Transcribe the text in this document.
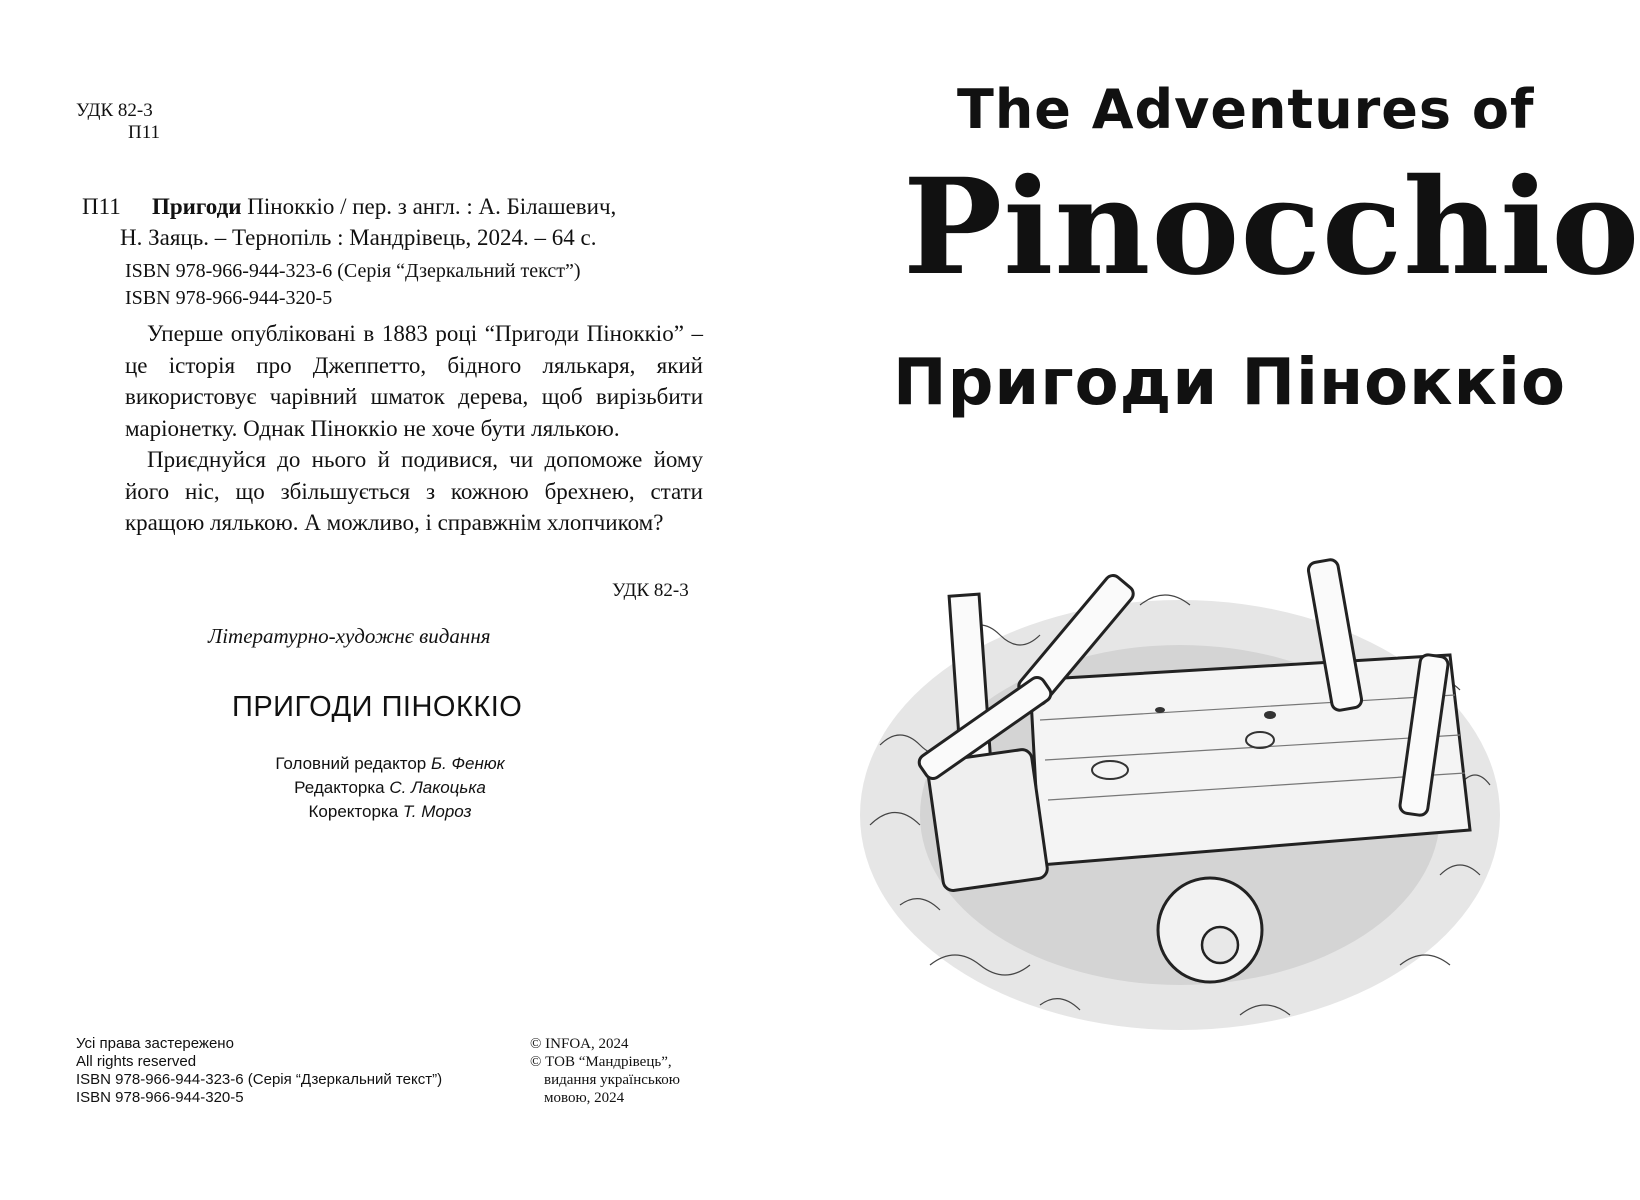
УДК 82-3
П11
П11 Пригоди Пiноккiо / пер. з англ. : А. Бiлашевич,
Н. Заяць. – Тернопiль : Мандрiвець, 2024. – 64 с.
ISBN 978-966-944-323-6 (Серiя “Дзеркальний текст”)
ISBN 978-966-944-320-5

Уперше опублiкованi в 1883 роцi “Пригоди Пiноккiо” – це iсторiя про Джеппетто, бiдного лялькаря, який використовує чарiвний шматок дерева, щоб вирiзьбити марiонетку. Однак Пiноккiо не хоче бути лялькою.

Приєднуйся до нього й подивися, чи допоможе йому його нiс, що збiльшується з кожною брехнею, стати кращою лялькою. А можливо, i справжнiм хлопчиком?

УДК 82-3
Лiтературно-художнє видання
ПРИГОДИ ПIНОККIО
Головний редактор Б. Фенюк
Редакторка С. Лакоцька
Коректорка Т. Мороз
Усi права застережено
All rights reserved
ISBN 978-966-944-323-6 (Серiя “Дзеркальний текст”)
ISBN 978-966-944-320-5
© INFOA, 2024
© ТОВ “Мандрiвець”,
видання українською
мовою, 2024
The Adventures of
Pinocchio
Пригоди Пiноккiо
